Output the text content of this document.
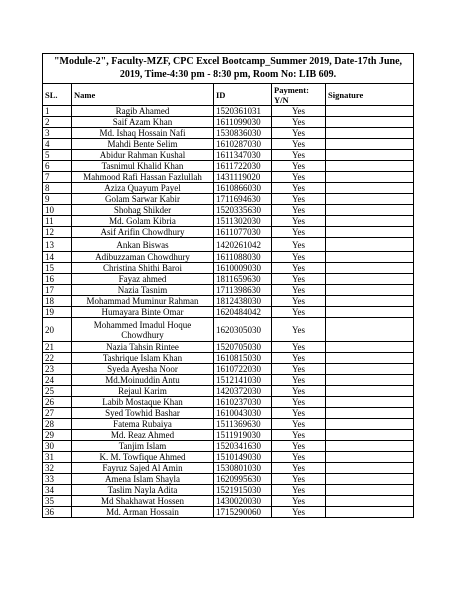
"Module-2", Faculty-MZF, CPC Excel Bootcamp_Summer 2019, Date-17th June, 2019, Time-4:30 pm - 8:30 pm, Room No: LIB 609.				
SL.	Name	ID	Payment: Y/N	Signature
1	Ragib Ahamed	1520361031	Yes	
2	Saif Azam Khan	1611099030	Yes	
3	Md. Ishaq Hossain Nafi	1530836030	Yes	
4	Mahdi Bente Selim	1610287030	Yes	
5	Abidur Rahman Kushal	1611347030	Yes	
6	Tasnimul Khalid Khan	1611722030	Yes	
7	Mahmood Rafi Hassan Fazlullah	1431119020	Yes	
8	Aziza Quayum Payel	1610866030	Yes	
9	Golam Sarwar Kabir	1711694630	Yes	
10	Shohag Shikder	1520335630	Yes	
11	Md. Golam Kibria	1511302030	Yes	
12	Asif Arifin Chowdhury	1611077030	Yes	
13	Ankan Biswas	1420261042	Yes	
14	Adibuzzaman Chowdhury	1611088030	Yes	
15	Christina Shithi Baroi	1610009030	Yes	
16	Fayaz ahmed	1811659630	Yes	
17	Nazia Tasnim	1711398630	Yes	
18	Mohammad Muminur Rahman	1812438030	Yes	
19	Humayara Binte Omar	1620484042	Yes	
20	Mohammed Imadul Hoque Chowdhury	1620305030	Yes	
21	Nazia Tahsin Rintee	1520705030	Yes	
22	Tashrique Islam Khan	1610815030	Yes	
23	Syeda Ayesha Noor	1610722030	Yes	
24	Md.Moinuddin Antu	1512141030	Yes	
25	Rejaul Karim	1420372030	Yes	
26	Labib Mostaque Khan	1610237030	Yes	
27	Syed Towhid Bashar	1610043030	Yes	
28	Fatema Rubaiya	1511369630	Yes	
29	Md. Reaz Ahmed	1511919030	Yes	
30	Tanjim Islam	1520341630	Yes	
31	K. M. Towfique Ahmed	1510149030	Yes	
32	Fayruz Sajed Al Amin	1530801030	Yes	
33	Amena Islam Shayla	1620995630	Yes	
34	Taslim Nayla Adita	1521915030	Yes	
35	Md Shakhawat Hossen	1430020030	Yes	
36	Md. Arman Hossain	1715290060	Yes	
